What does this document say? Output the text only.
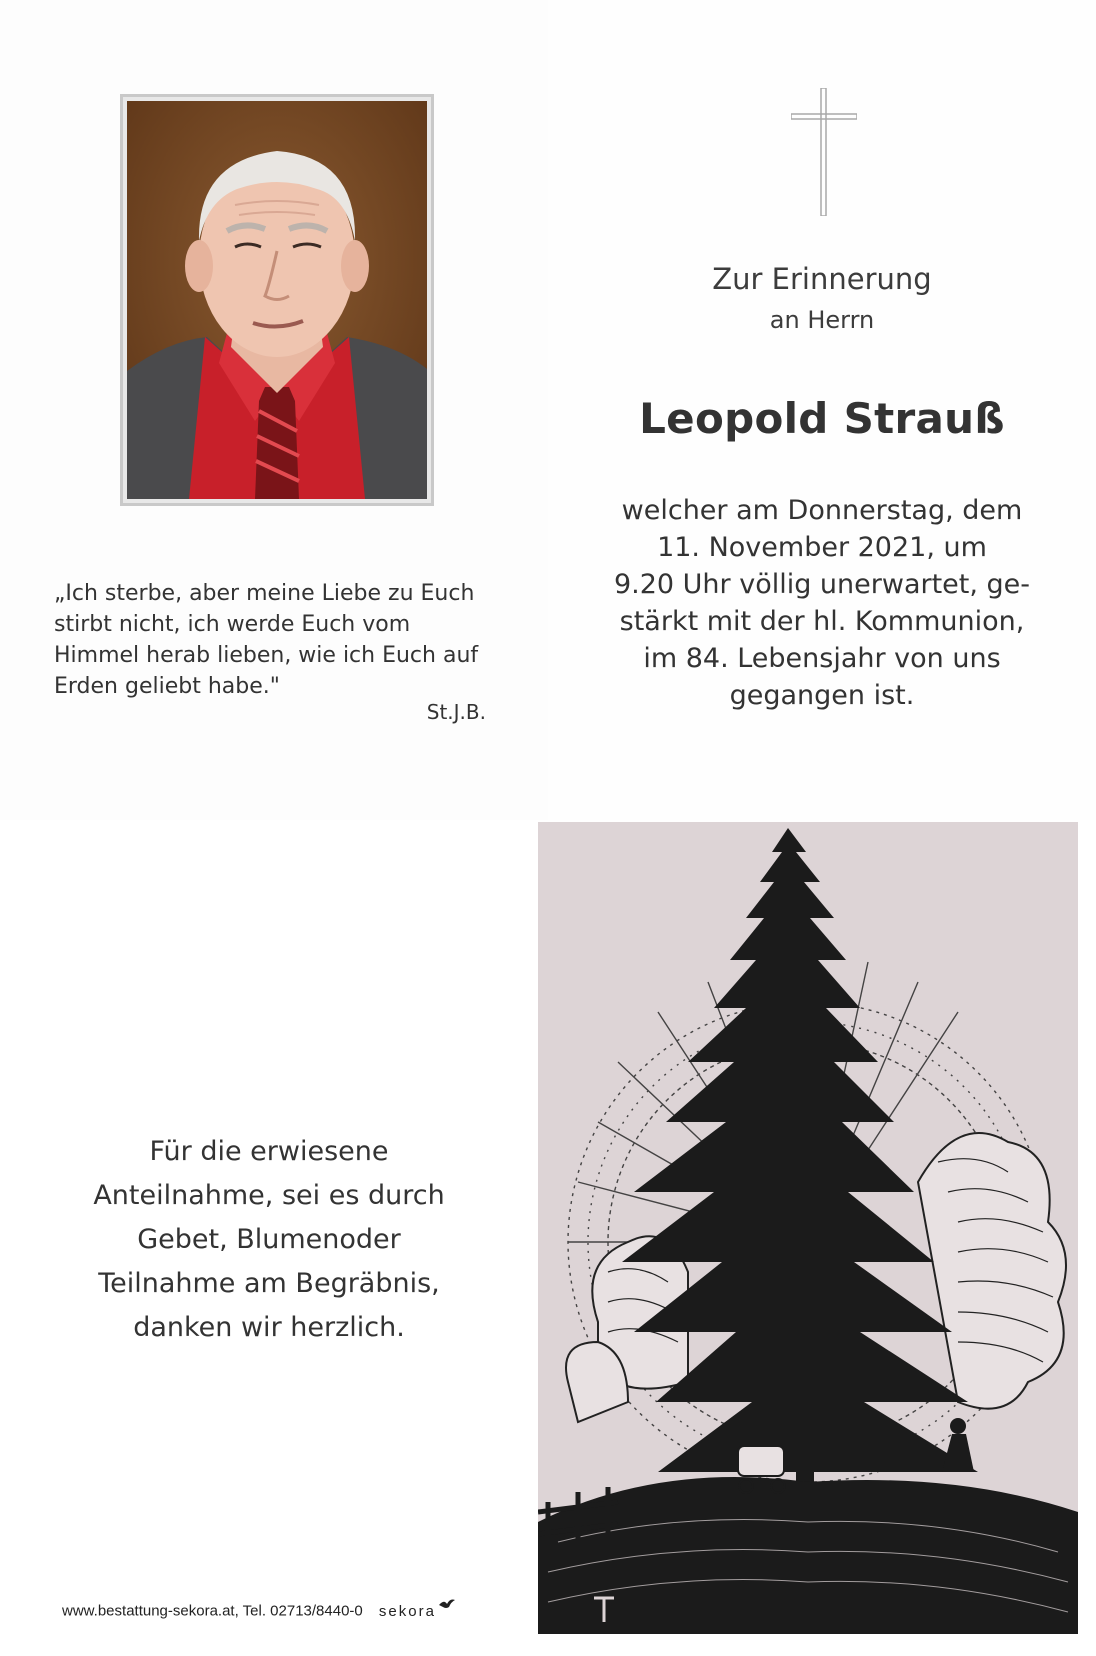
„Ich sterbe, aber meine Liebe zu Euch stirbt nicht, ich werde Euch vom Himmel herab lieben, wie ich Euch auf Erden geliebt habe."
St.J.B.
Zur Erinnerung
an Herrn
Leopold Strauß
welcher am Donnerstag, dem
11. November 2021, um
9.20 Uhr völlig unerwartet, ge-
stärkt mit der hl. Kommunion,
im 84. Lebensjahr von uns
gegangen ist.
Für die erwiesene
Anteilnahme, sei es durch
Gebet, Blumenoder
Teilnahme am Begräbnis,
danken wir herzlich.
www.bestattung-sekora.at, Tel. 02713/8440-0 sekora
